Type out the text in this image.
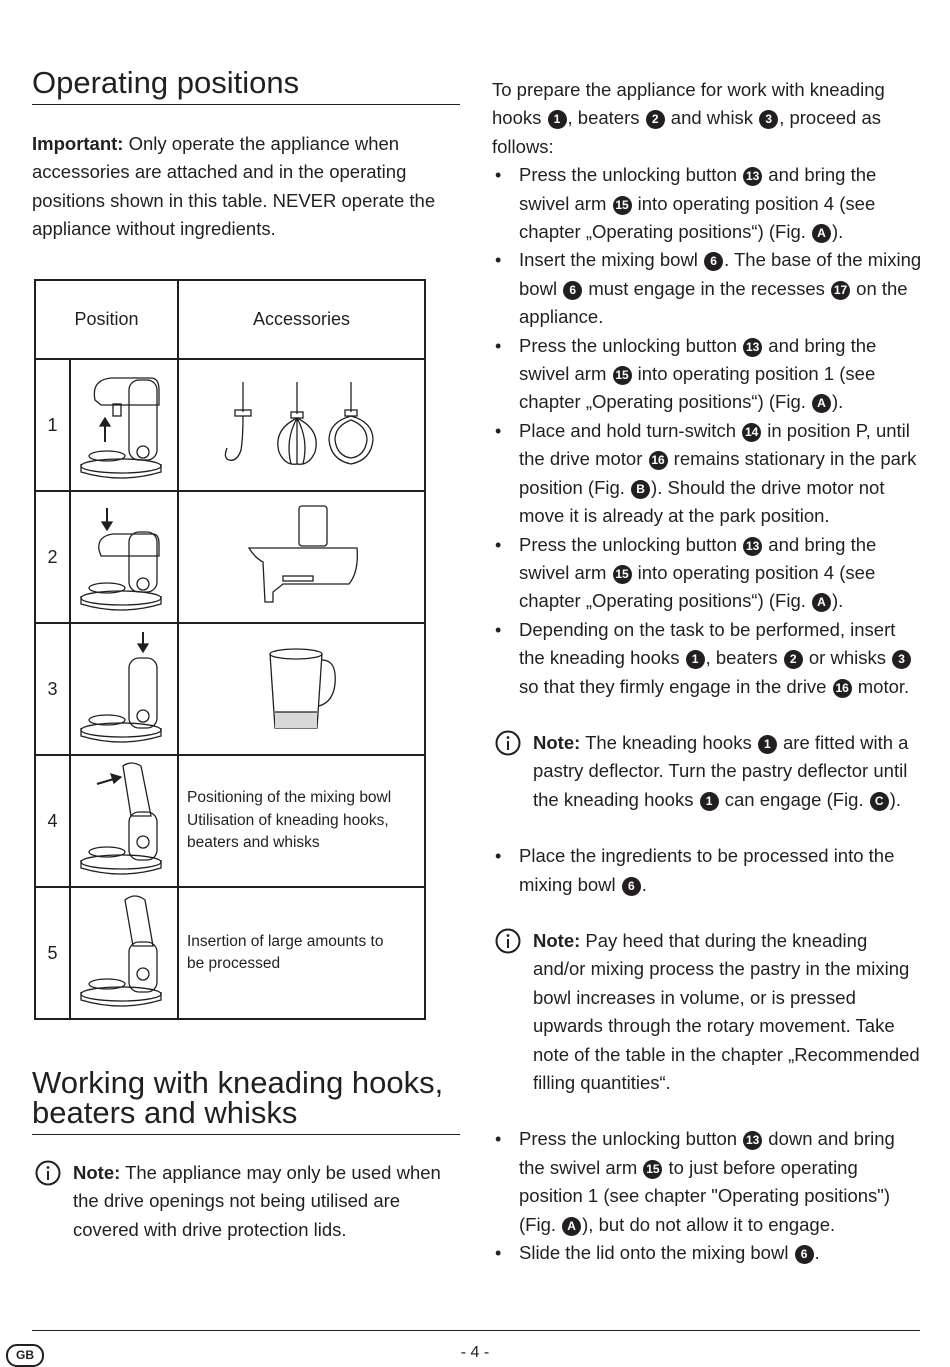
Operating positions

Important: Only operate the appliance when accessories are attached and in the operating positions shown in this table. NEVER operate the appliance without ingredients.

Position		Accessories
1		
2		
3		
4		Positioning of the mixing bowl
Utilisation of kneading hooks,
beaters and whisks

5		Insertion of large amounts to
be processed
Working with kneading hooks,
beaters and whisks
Note: The appliance may only be used when the drive openings not being utilised are covered with drive protection lids.

To prepare the appliance for work with kneading hooks 1 , beaters 2 and whisk 3 , proceed as follows:

• Press the unlocking button 13 and bring the swivel arm 15 into operating position 4 (see chapter „Operating positions“) (Fig. A ).
• Insert the mixing bowl 6 . The base of the mixing bowl 6 must engage in the recesses 17 on the appliance.
• Press the unlocking button 13 and bring the swivel arm 15 into operating position 1 (see chapter „Operating positions“) (Fig. A ).
• Place and hold turn-switch 14 in position P, until the drive motor 16 remains stationary in the park position (Fig. B ). Should the drive motor not move it is already at the park position.
• Press the unlocking button 13 and bring the swivel arm 15 into operating position 4 (see chapter „Operating positions“) (Fig. A ).
• Depending on the task to be performed, insert the kneading hooks 1 , beaters 2 or whisks 3 so that they firmly engage in the drive 16 motor.
Note: The kneading hooks 1 are fitted with a pastry deflector. Turn the pastry deflector until the kneading hooks 1 can engage (Fig. C ).
• Place the ingredients to be processed into the mixing bowl 6 .
Note: Pay heed that during the kneading and/or mixing process the pastry in the mixing bowl increases in volume, or is pressed upwards through the rotary movement. Take note of the table in the chapter „Recommended filling quantities“.
• Press the unlocking button 13 down and bring the swivel arm 15 to just before operating position 1 (see chapter "Operating positions") (Fig. A ), but do not allow it to engage.
• Slide the lid onto the mixing bowl 6 .
GB	- 4 -
